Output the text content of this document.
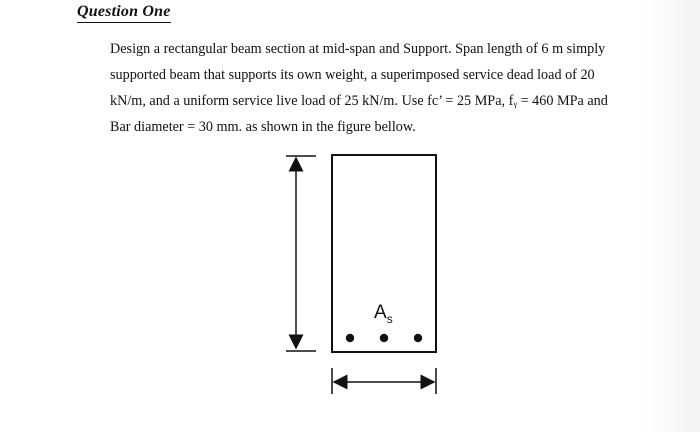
Question One

Design a rectangular beam section at mid-span and Support. Span length of 6 m simply

supported beam that supports its own weight, a superimposed service dead load of 20

kN/m, and a uniform service live load of 25 kN/m. Use fc’ = 25 MPa, fᵧ = 460 MPa and

Bar diameter = 30 mm. as shown in the figure bellow.

$A_s$
